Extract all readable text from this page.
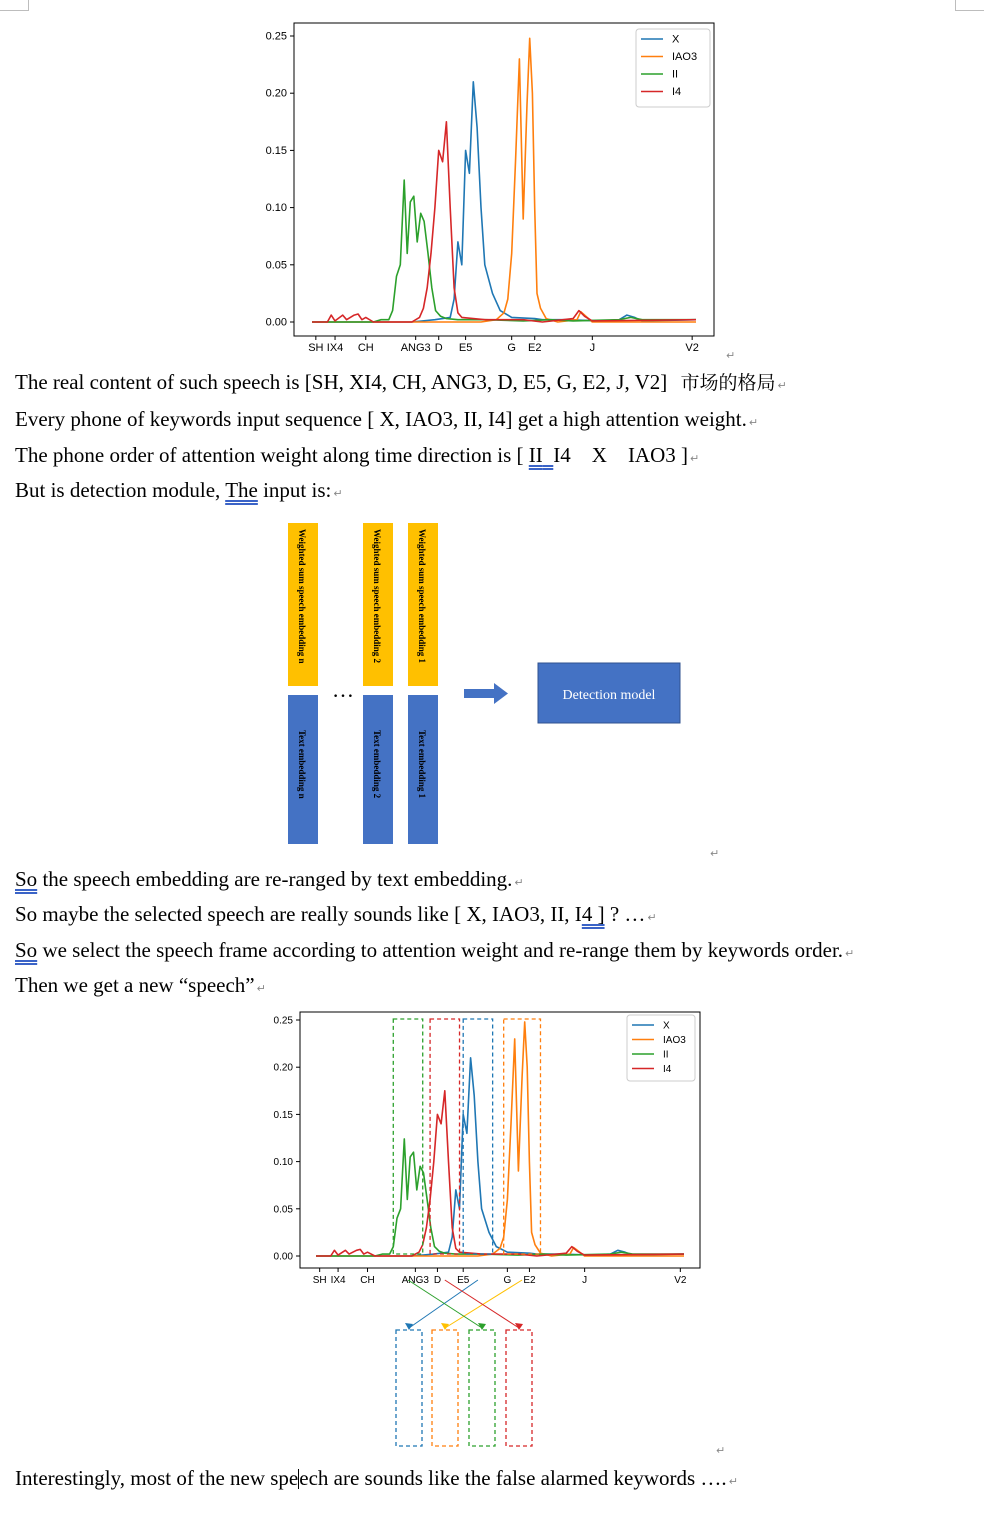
0.00
0.05
0.10
0.15
0.20
0.25
SH IX4 CH ANG3 D E5	G E2	J	V2
X
IAO3
II
I4
↵
The real content of such speech is [SH, XI4, CH, ANG3, D, E5, G, E2, J, V2] 市场的格局 ↵
Every phone of keywords input sequence [ X, IAO3, II, I4] get a high attention weight. ↵
The phone order of attention weight along time direction is [ II I4    X    IAO3 ] ↵
But is detection module, The input is: ↵
Weighted sum speech embedding n	Weighted sum speech embedding 2	Weighted sum speech embedding 1
Text embedding n	Text embedding 2	Text embedding 1
…	Detection model
↵
So the speech embedding are re-ranged by text embedding. ↵
So maybe the selected speech are really sounds like [ X, IAO3, II, I4 ] ? … ↵
So we select the speech frame according to attention weight and re-range them by keywords order. ↵
Then we get a new “speech” ↵
0.00
0.05
0.10
0.15
0.20
0.25
SH IX4 CH	ANG3 D E5	G E2	J	V2
X
IAO3
II
I4
↵
Interestingly, most of the new speech are sounds like the false alarmed keywords …. ↵
